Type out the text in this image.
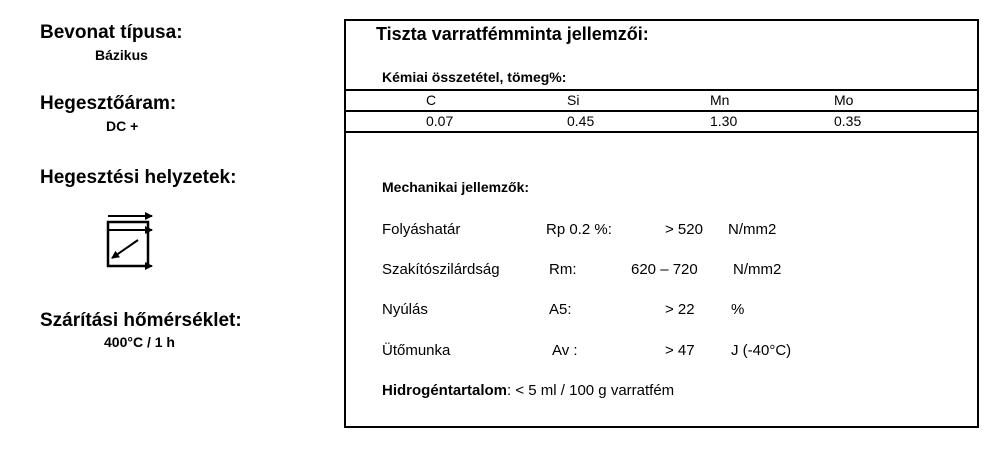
Bevonat típusa:
Bázikus
Hegesztőáram:
DC +
Hegesztési helyzetek:
Szárítási hőmérséklet:
400°C / 1 h
Tiszta varratfémminta jellemzői:
Kémiai összetétel, tömeg%:
C	Si	Mn	Mo
0.07	0.45	1.30	0.35
Mechanikai jellemzők:
Folyáshatár	Rp 0.2 %:	> 520 N/mm2
Szakítószilárdság	Rm:	620 – 720 N/mm2
Nyúlás	A5:	> 22 %
Ütőmunka	Av :	> 47 J (-40°C)
Hidrogéntartalom: < 5 ml / 100 g varratfém
